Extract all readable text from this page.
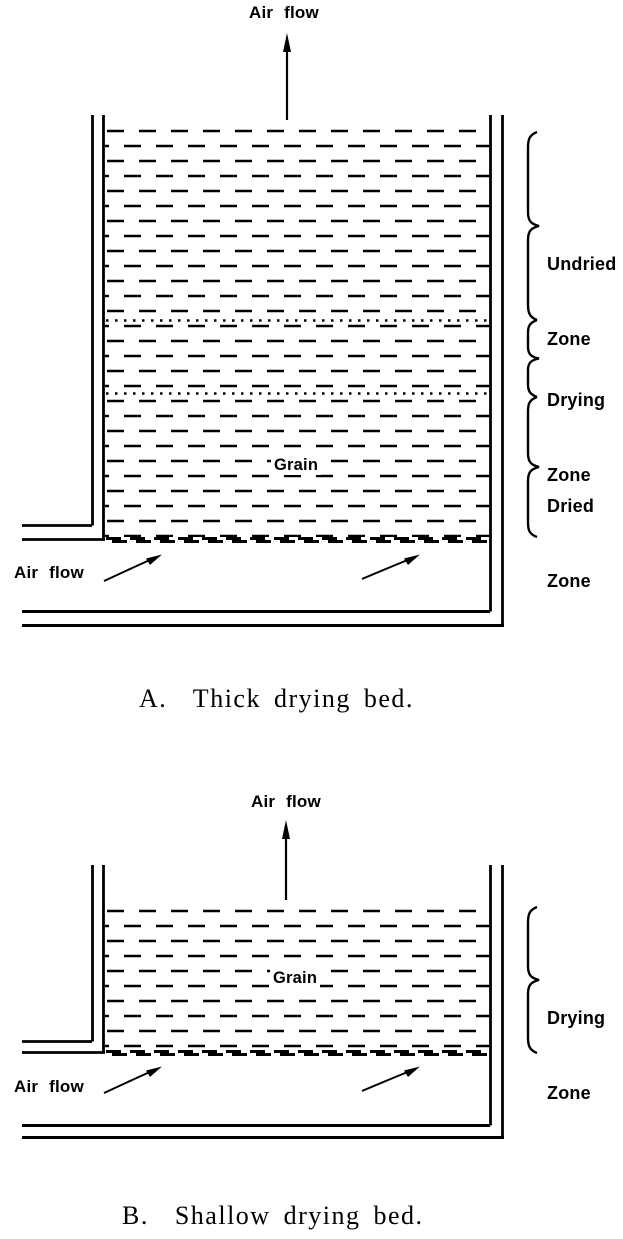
Air flow
Grain

Undried

Zone

Drying

Zone

Dried

Zone

Air flow
A.  Thick drying bed.
Air flow
Grain

Drying

Zone

Air flow
B.  Shallow drying bed.
